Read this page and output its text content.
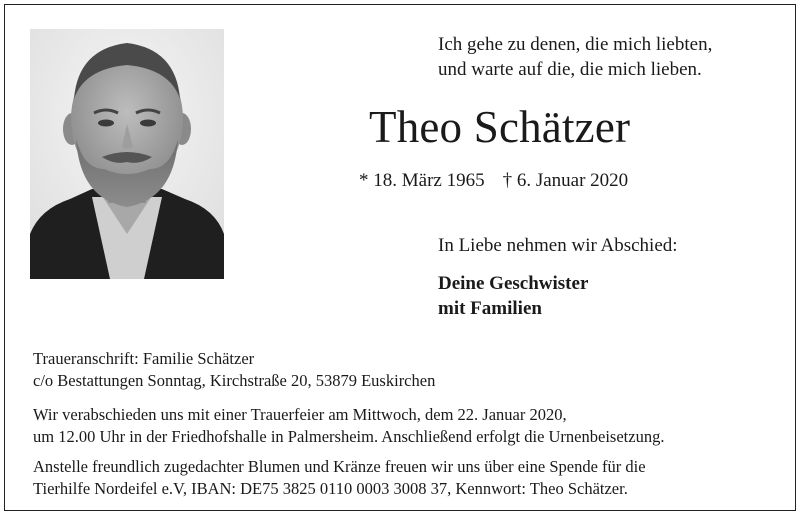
Ich gehe zu denen, die mich liebten,
und warte auf die, die mich lieben.
Theo Schätzer
* 18. März 1965 † 6. Januar 2020
In Liebe nehmen wir Abschied:
Deine Geschwister
mit Familien
Traueranschrift: Familie Schätzer
c/o Bestattungen Sonntag, Kirchstraße 20, 53879 Euskirchen
Wir verabschieden uns mit einer Trauerfeier am Mittwoch, dem 22. Januar 2020,
um 12.00 Uhr in der Friedhofshalle in Palmersheim. Anschließend erfolgt die Urnenbeisetzung.
Anstelle freundlich zugedachter Blumen und Kränze freuen wir uns über eine Spende für die
Tierhilfe Nordeifel e.V, IBAN: DE75 3825 0110 0003 3008 37, Kennwort: Theo Schätzer.
